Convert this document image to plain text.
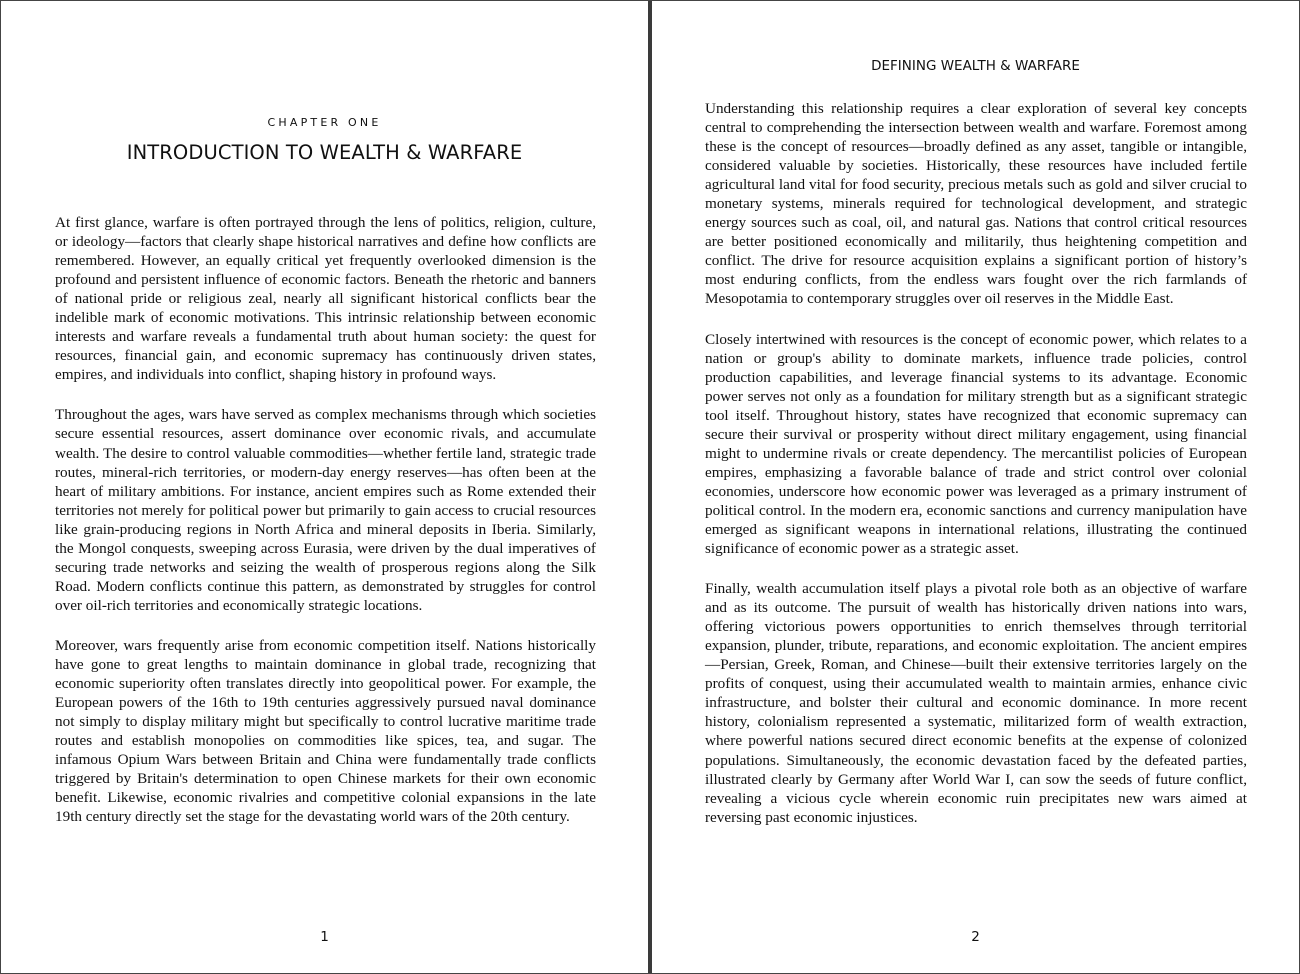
CHAPTER ONE
INTRODUCTION TO WEALTH & WARFARE

At first glance, warfare is often portrayed through the lens of politics, religion, culture, or ideology—factors that clearly shape historical narratives and define how conflicts are remembered. However, an equally critical yet frequently overlooked dimension is the profound and persistent influence of economic factors. Beneath the rhetoric and banners of national pride or religious zeal, nearly all significant historical conflicts bear the indelible mark of economic motivations. This intrinsic relationship between economic interests and warfare reveals a fundamental truth about human society: the quest for resources, financial gain, and economic supremacy has continuously driven states, empires, and individuals into conflict, shaping history in profound ways.

Throughout the ages, wars have served as complex mechanisms through which societies secure essential resources, assert dominance over economic rivals, and accumulate wealth. The desire to control valuable commodities—whether fertile land, strategic trade routes, mineral-rich territories, or modern-day energy reserves—has often been at the heart of military ambitions. For instance, ancient empires such as Rome extended their territories not merely for political power but primarily to gain access to crucial resources like grain-producing regions in North Africa and mineral deposits in Iberia. Similarly, the Mongol conquests, sweeping across Eurasia, were driven by the dual imperatives of securing trade networks and seizing the wealth of prosperous regions along the Silk Road. Modern conflicts continue this pattern, as demonstrated by struggles for control over oil-rich territories and economically strategic locations.

Moreover, wars frequently arise from economic competition itself. Nations historically have gone to great lengths to maintain dominance in global trade, recognizing that economic superiority often translates directly into geopolitical power. For example, the European powers of the 16th to 19th centuries aggressively pursued naval dominance not simply to display military might but specifically to control lucrative maritime trade routes and establish monopolies on commodities like spices, tea, and sugar. The infamous Opium Wars between Britain and China were fundamentally trade conflicts triggered by Britain's determination to open Chinese markets for their own economic benefit. Likewise, economic rivalries and competitive colonial expansions in the late 19th century directly set the stage for the devastating world wars of the 20th century.

1
DEFINING WEALTH & WARFARE

Understanding this relationship requires a clear exploration of several key concepts central to comprehending the intersection between wealth and warfare. Foremost among these is the concept of resources—broadly defined as any asset, tangible or intangible, considered valuable by societies. Historically, these resources have included fertile agricultural land vital for food security, precious metals such as gold and silver crucial to monetary systems, minerals required for technological development, and strategic energy sources such as coal, oil, and natural gas. Nations that control critical resources are better positioned economically and militarily, thus heightening competition and conflict. The drive for resource acquisition explains a significant portion of history’s most enduring conflicts, from the endless wars fought over the rich farmlands of Mesopotamia to contemporary struggles over oil reserves in the Middle East.

Closely intertwined with resources is the concept of economic power, which relates to a nation or group's ability to dominate markets, influence trade policies, control production capabilities, and leverage financial systems to its advantage. Economic power serves not only as a foundation for military strength but as a significant strategic tool itself. Throughout history, states have recognized that economic supremacy can secure their survival or prosperity without direct military engagement, using financial might to undermine rivals or create dependency. The mercantilist policies of European empires, emphasizing a favorable balance of trade and strict control over colonial economies, underscore how economic power was leveraged as a primary instrument of political control. In the modern era, economic sanctions and currency manipulation have emerged as significant weapons in international relations, illustrating the continued significance of economic power as a strategic asset.

Finally, wealth accumulation itself plays a pivotal role both as an objective of warfare and as its outcome. The pursuit of wealth has historically driven nations into wars, offering victorious powers opportunities to enrich themselves through territorial expansion, plunder, tribute, reparations, and economic exploitation. The ancient empires—Persian, Greek, Roman, and Chinese—built their extensive territories largely on the profits of conquest, using their accumulated wealth to maintain armies, enhance civic infrastructure, and bolster their cultural and economic dominance. In more recent history, colonialism represented a systematic, militarized form of wealth extraction, where powerful nations secured direct economic benefits at the expense of colonized populations. Simultaneously, the economic devastation faced by the defeated parties, illustrated clearly by Germany after World War I, can sow the seeds of future conflict, revealing a vicious cycle wherein economic ruin precipitates new wars aimed at reversing past economic injustices.

2
